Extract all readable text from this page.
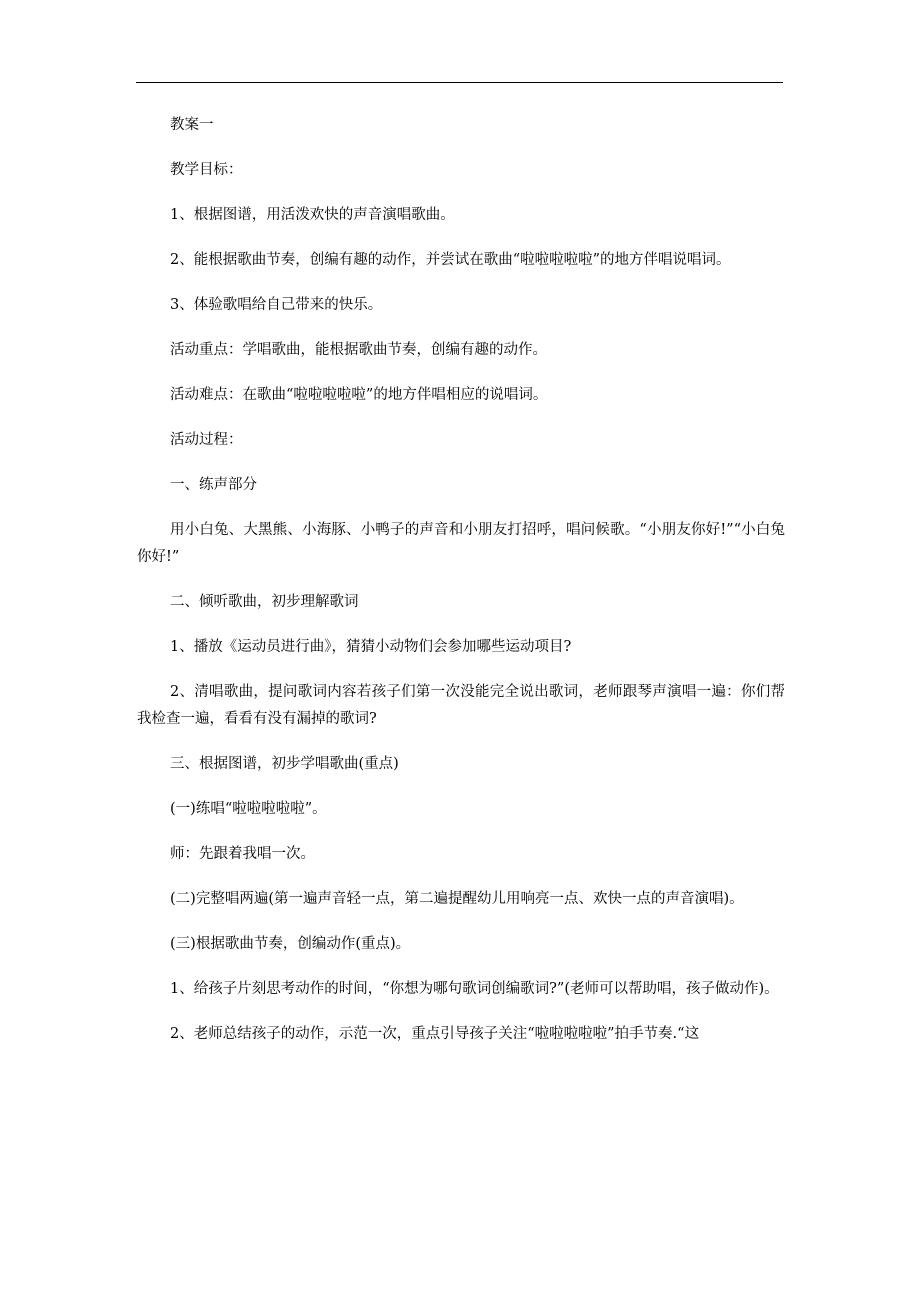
教案一

教学目标：

1、根据图谱，用活泼欢快的声音演唱歌曲。

2、能根据歌曲节奏，创编有趣的动作，并尝试在歌曲“啦啦啦啦啦”的地方伴唱说唱词。

3、体验歌唱给自己带来的快乐。

活动重点：学唱歌曲，能根据歌曲节奏，创编有趣的动作。

活动难点：在歌曲“啦啦啦啦啦”的地方伴唱相应的说唱词。

活动过程：

一、练声部分

用小白兔、大黑熊、小海豚、小鸭子的声音和小朋友打招呼，唱问候歌。“小朋友你好!”“小白兔你好!”

二、倾听歌曲，初步理解歌词

1、播放《运动员进行曲》，猜猜小动物们会参加哪些运动项目?

2、清唱歌曲，提问歌词内容若孩子们第一次没能完全说出歌词，老师跟琴声演唱一遍：你们帮我检查一遍，看看有没有漏掉的歌词?

三、根据图谱，初步学唱歌曲(重点)

(一)练唱“啦啦啦啦啦”。

师：先跟着我唱一次。

(二)完整唱两遍(第一遍声音轻一点，第二遍提醒幼儿用响亮一点、欢快一点的声音演唱)。

(三)根据歌曲节奏，创编动作(重点)。

1、给孩子片刻思考动作的时间，“你想为哪句歌词创编歌词?”(老师可以帮助唱，孩子做动作)。

2、老师总结孩子的动作，示范一次，重点引导孩子关注“啦啦啦啦啦”拍手节奏.“这
